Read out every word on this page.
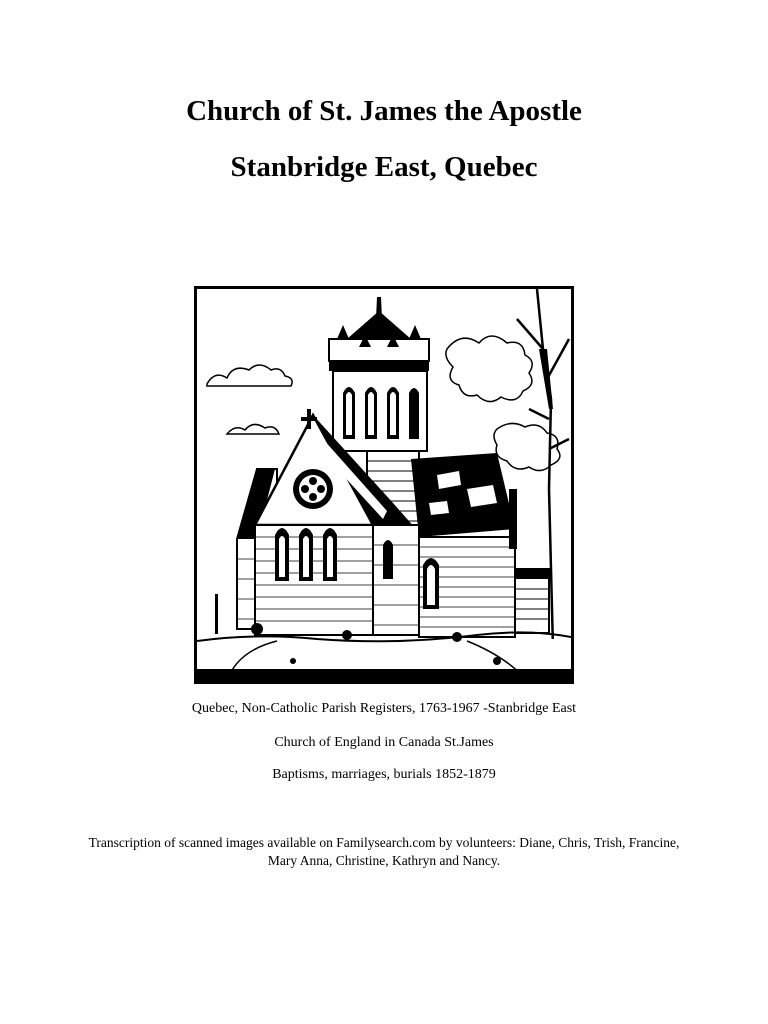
Church of St. James the Apostle
Stanbridge East, Quebec

Quebec, Non-Catholic Parish Registers, 1763-1967 -Stanbridge East

Church of England in Canada St.James

Baptisms, marriages, burials 1852-1879

Transcription of scanned images available on Familysearch.com by volunteers: Diane, Chris, Trish, Francine, Mary Anna, Christine, Kathryn and Nancy.
